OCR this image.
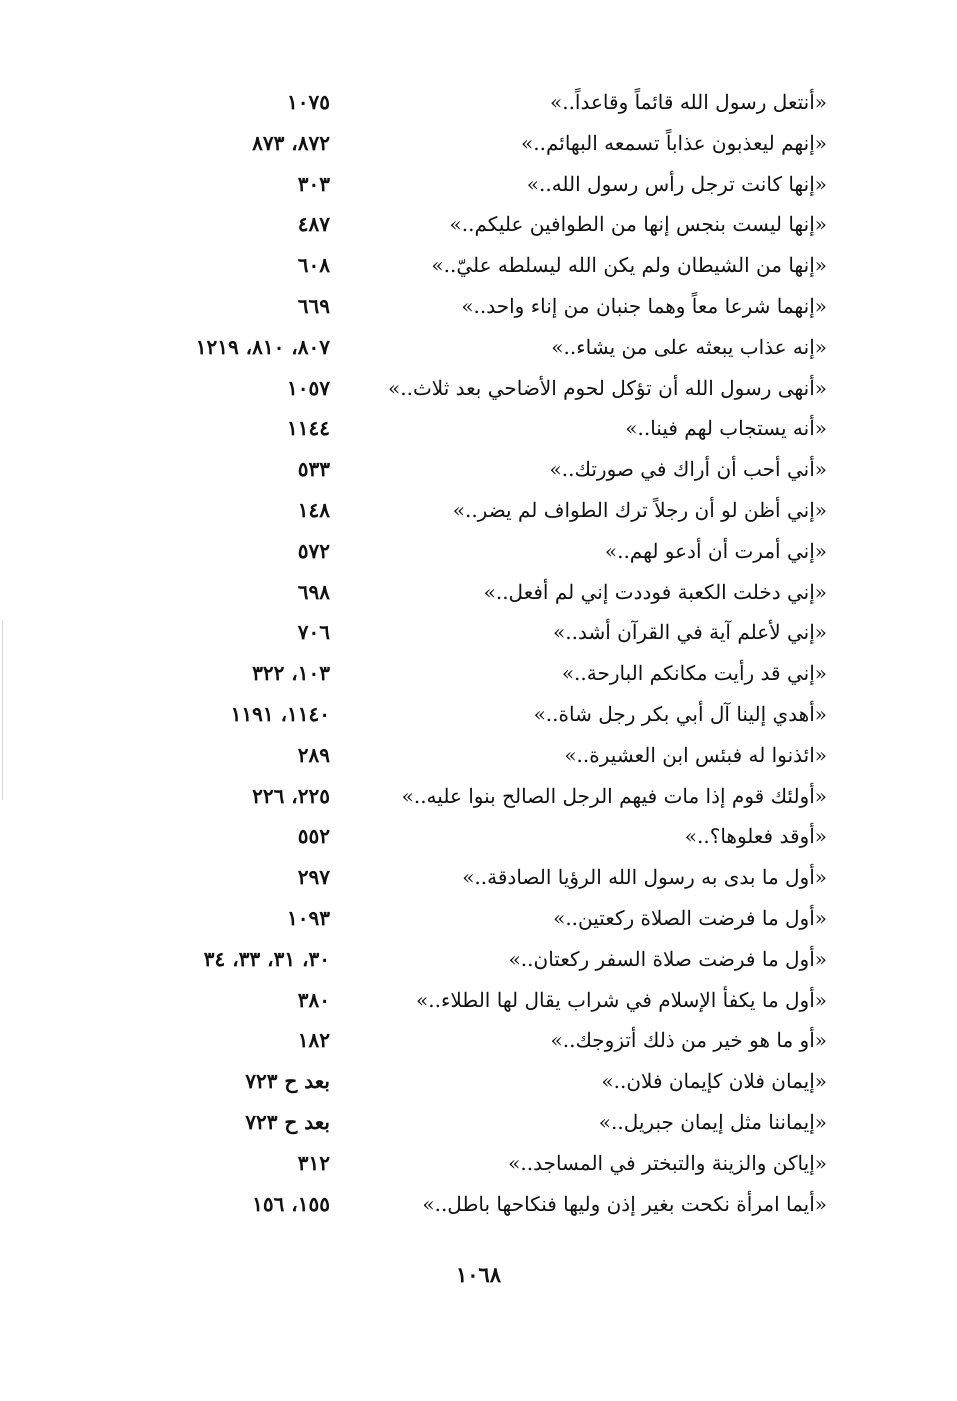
«أنتعل رسول الله قائماً وقاعداً..»
١٠٧٥
«إنهم ليعذبون عذاباً تسمعه البهائم..»
٨٧٢، ٨٧٣
«إنها كانت ترجل رأس رسول الله..»
٣٠٣
«إنها ليست بنجس إنها من الطوافين عليكم..»
٤٨٧
«إنها من الشيطان ولم يكن الله ليسلطه عليّ..»
٦٠٨
«إنهما شرعا معاً وهما جنبان من إناء واحد..»
٦٦٩
«إنه عذاب يبعثه على من يشاء..»
٨٠٧، ٨١٠، ١٢١٩
«أنهى رسول الله أن تؤكل لحوم الأضاحي بعد ثلاث..»
١٠٥٧
«أنه يستجاب لهم فينا..»
١١٤٤
«أني أحب أن أراك في صورتك..»
٥٣٣
«إني أظن لو أن رجلاً ترك الطواف لم يضر..»
١٤٨
«إني أمرت أن أدعو لهم..»
٥٧٢
«إني دخلت الكعبة فوددت إني لم أفعل..»
٦٩٨
«إني لأعلم آية في القرآن أشد..»
٧٠٦
«إني قد رأيت مكانكم البارحة..»
١٠٣، ٣٢٢
«أهدي إلينا آل أبي بكر رجل شاة..»
١١٤٠، ١١٩١
«ائذنوا له فبئس ابن العشيرة..»
٢٨٩
«أولئك قوم إذا مات فيهم الرجل الصالح بنوا عليه..»
٢٢٥، ٢٢٦
«أوقد فعلوها؟..»
٥٥٢
«أول ما بدى به رسول الله الرؤيا الصادقة..»
٢٩٧
«أول ما فرضت الصلاة ركعتين..»
١٠٩٣
«أول ما فرضت صلاة السفر ركعتان..»
٣٠، ٣١، ٣٣، ٣٤
«أول ما يكفأ الإسلام في شراب يقال لها الطلاء..»
٣٨٠
«أو ما هو خير من ذلك أتزوجك..»
١٨٢
«إيمان فلان كإيمان فلان..»
بعد ح ٧٢٣
«إيماننا مثل إيمان جبريل..»
بعد ح ٧٢٣
«إياكن والزينة والتبختر في المساجد..»
٣١٢
«أيما امرأة نكحت بغير إذن وليها فنكاحها باطل..»
١٥٥، ١٥٦
١٠٦٨
